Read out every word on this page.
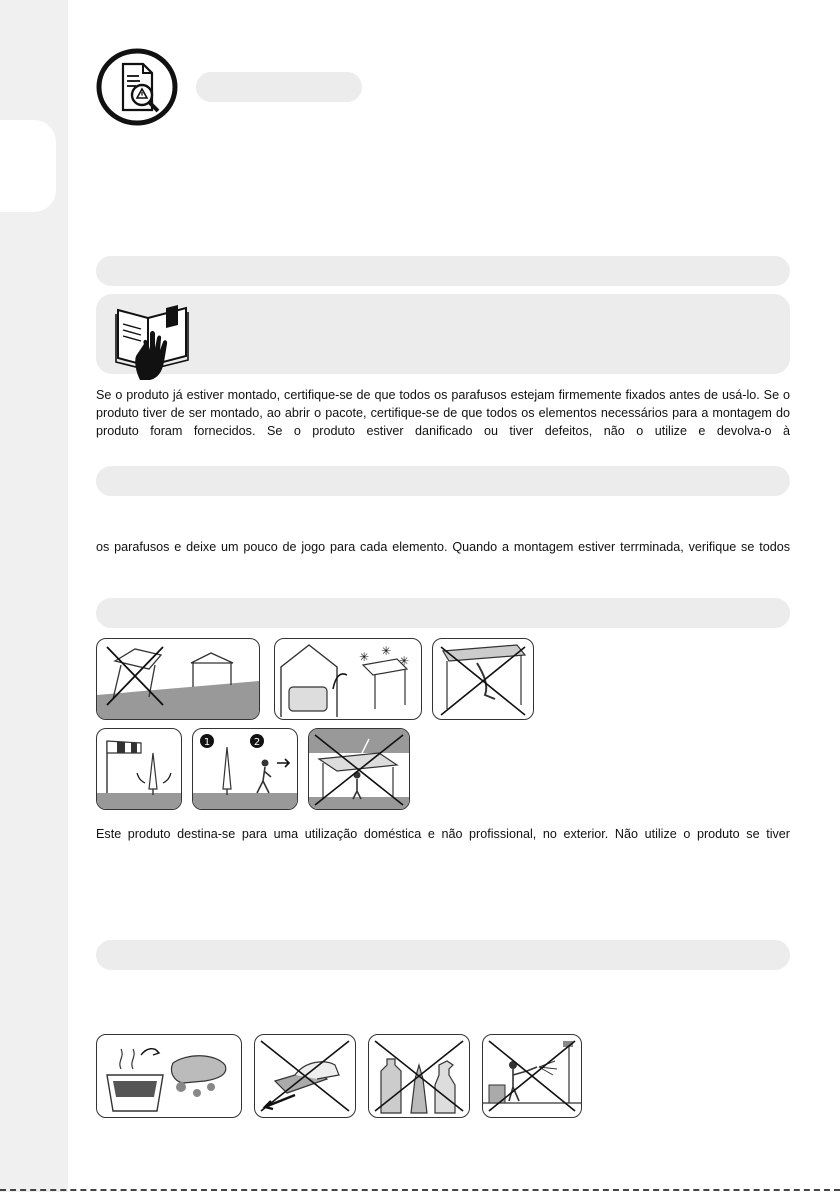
Se o produto já estiver montado, certifique-se de que todos os parafusos estejam firmemente fixados antes de usá-lo. Se o produto tiver de ser montado, ao abrir o pacote, certifique-se de que todos os elementos necessários para a montagem do produto foram fornecidos. Se o produto estiver danificado ou tiver defeitos, não o utilize e devolva-o à

os parafusos e deixe um pouco de jogo para cada elemento. Quando a montagem estiver terrminada, verifique se todos

✳ ✳
✳
1	2

Este produto destina-se para uma utilização doméstica e não profissional, no exterior. Não utilize o produto se tiver
